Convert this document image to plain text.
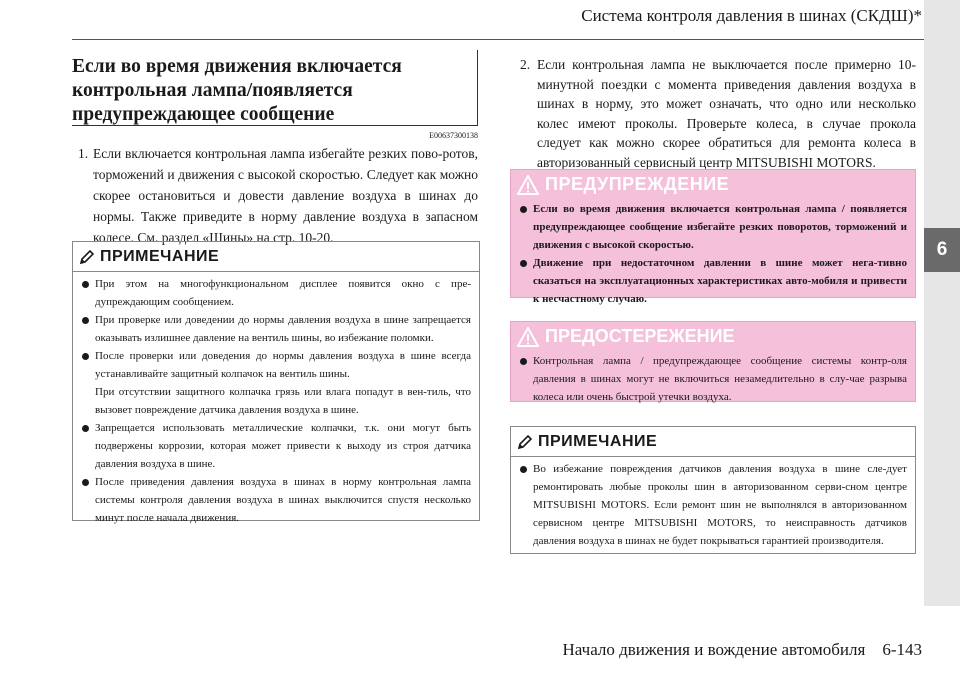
Система контроля давления в шинах (СКДШ)*
6
Если во время движения включается
контрольная лампа/появляется
предупреждающее сообщение
E00637300138
1. Если включается контрольная лампа избегайте резких пово-ротов, торможений и движения с высокой скоростью. Следует как можно скорее остановиться и довести давление воздуха в шинах до нормы. Также приведите в норму давление воздуха в запасном колесе. См. раздел «Шины» на стр. 10-20.
ПРИМЕЧАНИЕ
При этом на многофункциональном дисплее появится окно с пре-дупреждающим сообщением.
При проверке или доведении до нормы давления воздуха в шине запрещается оказывать излишнее давление на вентиль шины, во избежание поломки.
После проверки или доведения до нормы давления воздуха в шине всегда устанавливайте защитный колпачок на вентиль шины.
При отсутствии защитного колпачка грязь или влага попадут в вен-тиль, что вызовет повреждение датчика давления воздуха в шине.
Запрещается использовать металлические колпачки, т.к. они могут быть подвержены коррозии, которая может привести к выходу из строя датчика давления воздуха в шине.
После приведения давления воздуха в шинах в норму контрольная лампа системы контроля давления воздуха в шинах выключится спустя несколько минут после начала движения.
2. Если контрольная лампа не выключается после примерно 10-минутной поездки с момента приведения давления воздуха в шинах в норму, это может означать, что одно или несколько колес имеют проколы. Проверьте колеса, в случае прокола следует как можно скорее обратиться для ремонта колеса в авторизованный сервисный центр MITSUBISHI MOTORS.
ПРЕДУПРЕЖДЕНИЕ
Если во время движения включается контрольная лампа / появляется предупреждающее сообщение избегайте резких поворотов, торможений и движения с высокой скоростью.
Движение при недостаточном давлении в шине может нега-тивно сказаться на эксплуатационных характеристиках авто-мобиля и привести к несчастному случаю.
ПРЕДОСТЕРЕЖЕНИЕ
Контрольная лампа / предупреждающее сообщение системы контр-оля давления в шинах могут не включиться незамедлительно в слу-чае разрыва колеса или очень быстрой утечки воздуха.
ПРИМЕЧАНИЕ
Во избежание повреждения датчиков давления воздуха в шине сле-дует ремонтировать любые проколы шин в авторизованном серви-сном центре MITSUBISHI MOTORS. Если ремонт шин не выполнялся в авторизованном сервисном центре MITSUBISHI MOTORS, то неисправность датчиков давления воздуха в шинах не будет покрываться гарантией производителя.
Начало движения и вождение автомобиля    6-143
